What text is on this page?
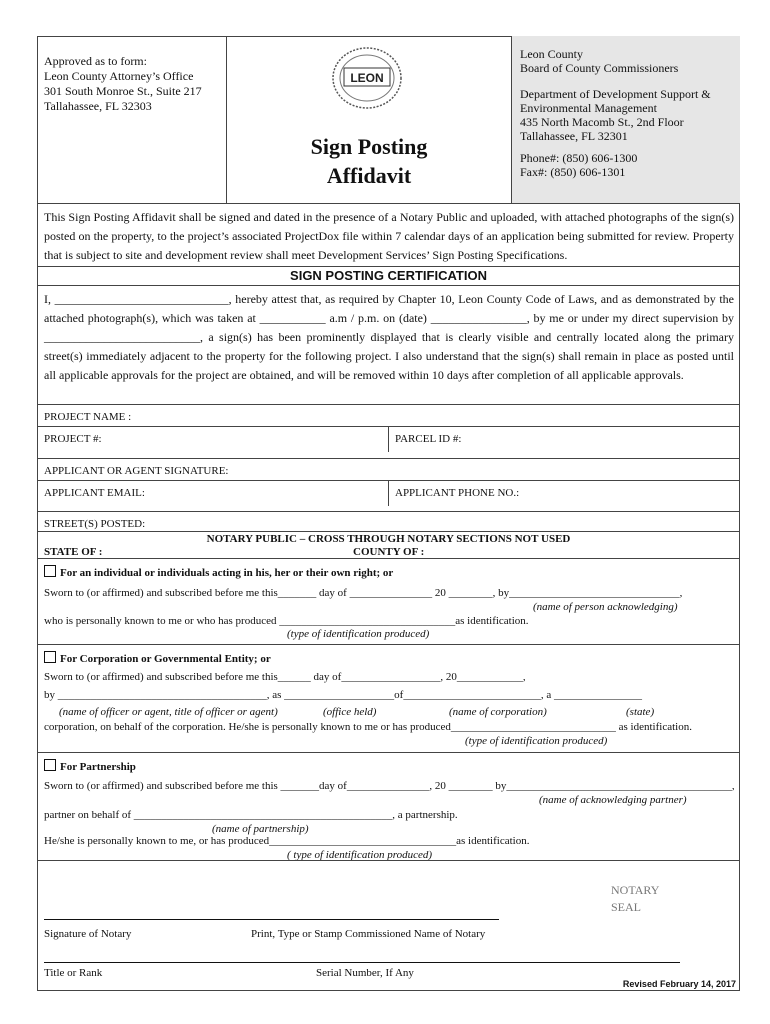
Approved as to form:
Leon County Attorney’s Office
301 South Monroe St., Suite 217
Tallahassee, FL 32303
LEON
Sign Posting
Affidavit
Leon County
Board of County Commissioners
Department of Development Support &
Environmental Management
435 North Macomb St., 2nd Floor
Tallahassee, FL 32301
Phone#: (850) 606-1300
Fax#: (850) 606-1301
This Sign Posting Affidavit shall be signed and dated in the presence of a Notary Public and uploaded, with attached photographs of the sign(s) posted on the property, to the project’s associated ProjectDox file within 7 calendar days of an application being submitted for review. Property that is subject to site and development review shall meet Development Services’ Sign Posting Specifications.
SIGN POSTING CERTIFICATION
I, _____________________________, hereby attest that, as required by Chapter 10, Leon County Code of Laws, and as demonstrated by the attached photograph(s), which was taken at ___________ a.m / p.m. on (date) ________________, by me or under my direct supervision by __________________________, a sign(s) has been prominently displayed that is clearly visible and centrally located along the primary street(s) immediately adjacent to the property for the following project. I also understand that the sign(s) shall remain in place as posted until all applicable approvals for the project are obtained, and will be removed within 10 days after completion of all applicable approvals.
PROJECT NAME :
PROJECT #:	PARCEL ID #:
APPLICANT OR AGENT SIGNATURE:
APPLICANT EMAIL:	APPLICANT PHONE NO.:
STREET(S) POSTED:
NOTARY PUBLIC – CROSS THROUGH NOTARY SECTIONS NOT USED
STATE OF :	COUNTY OF :
For an individual or individuals acting in his, her or their own right; or
Sworn to (or affirmed) and subscribed before me this_______ day of _______________ 20 ________, by_______________________________,
(name of person acknowledging)
who is personally known to me or who has produced ________________________________as identification.
(type of identification produced)
For Corporation or Governmental Entity; or
Sworn to (or affirmed) and subscribed before me this______ day of__________________, 20____________,
by ______________________________________, as ____________________of_________________________, a ________________
(name of officer or agent, title of officer or agent)	(office held)	(name of corporation)	(state)
corporation, on behalf of the corporation. He/she is personally known to me or has produced______________________________ as identification.
(type of identification produced)
For Partnership
Sworn to (or affirmed) and subscribed before me this _______day of_______________, 20 ________ by_________________________________________,
(name of acknowledging partner)
partner on behalf of _______________________________________________, a partnership.
(name of partnership)
He/she is personally known to me, or has produced__________________________________as identification.
( type of identification produced)
NOTARY
SEAL
Signature of Notary	Print, Type or Stamp Commissioned Name of Notary
Title or Rank	Serial Number, If Any
Revised February 14, 2017
